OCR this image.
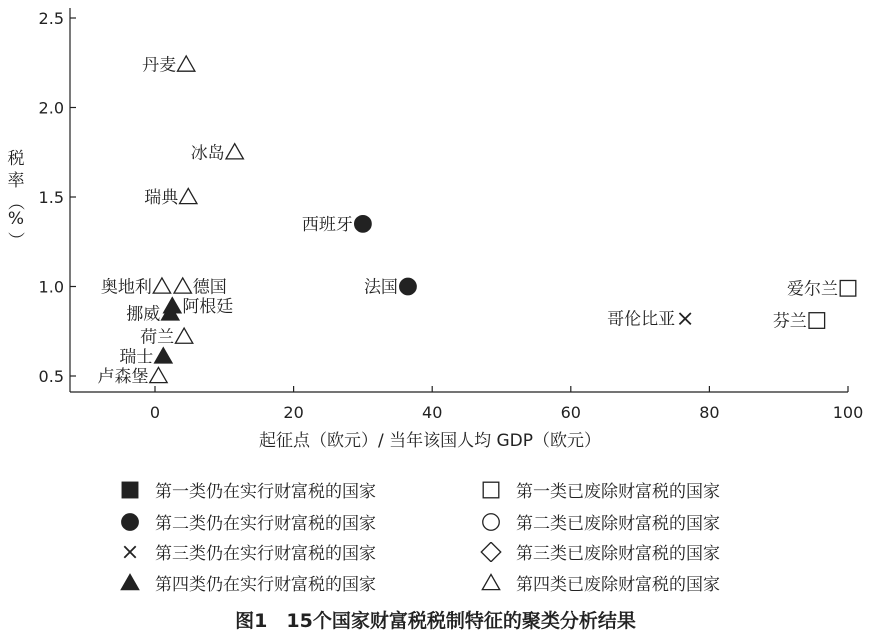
0.5
1.0
1.5
2.0
2.5
0	20	40	60	80	100
丹麦
冰岛
瑞典
西班牙
奥地利 德国	法国
阿根廷
挪威
荷兰
瑞士
卢森堡
哥伦比亚
爱尔兰
芬兰
起征点（欧元）/ 当年该国人均 GDP（欧元）
税
率
（
%
）
第一类仍在实行财富税的国家	第一类已废除财富税的国家
第二类仍在实行财富税的国家	第二类已废除财富税的国家
第三类仍在实行财富税的国家	第三类已废除财富税的国家
第四类仍在实行财富税的国家	第四类已废除财富税的国家
图1　15个国家财富税税制特征的聚类分析结果
